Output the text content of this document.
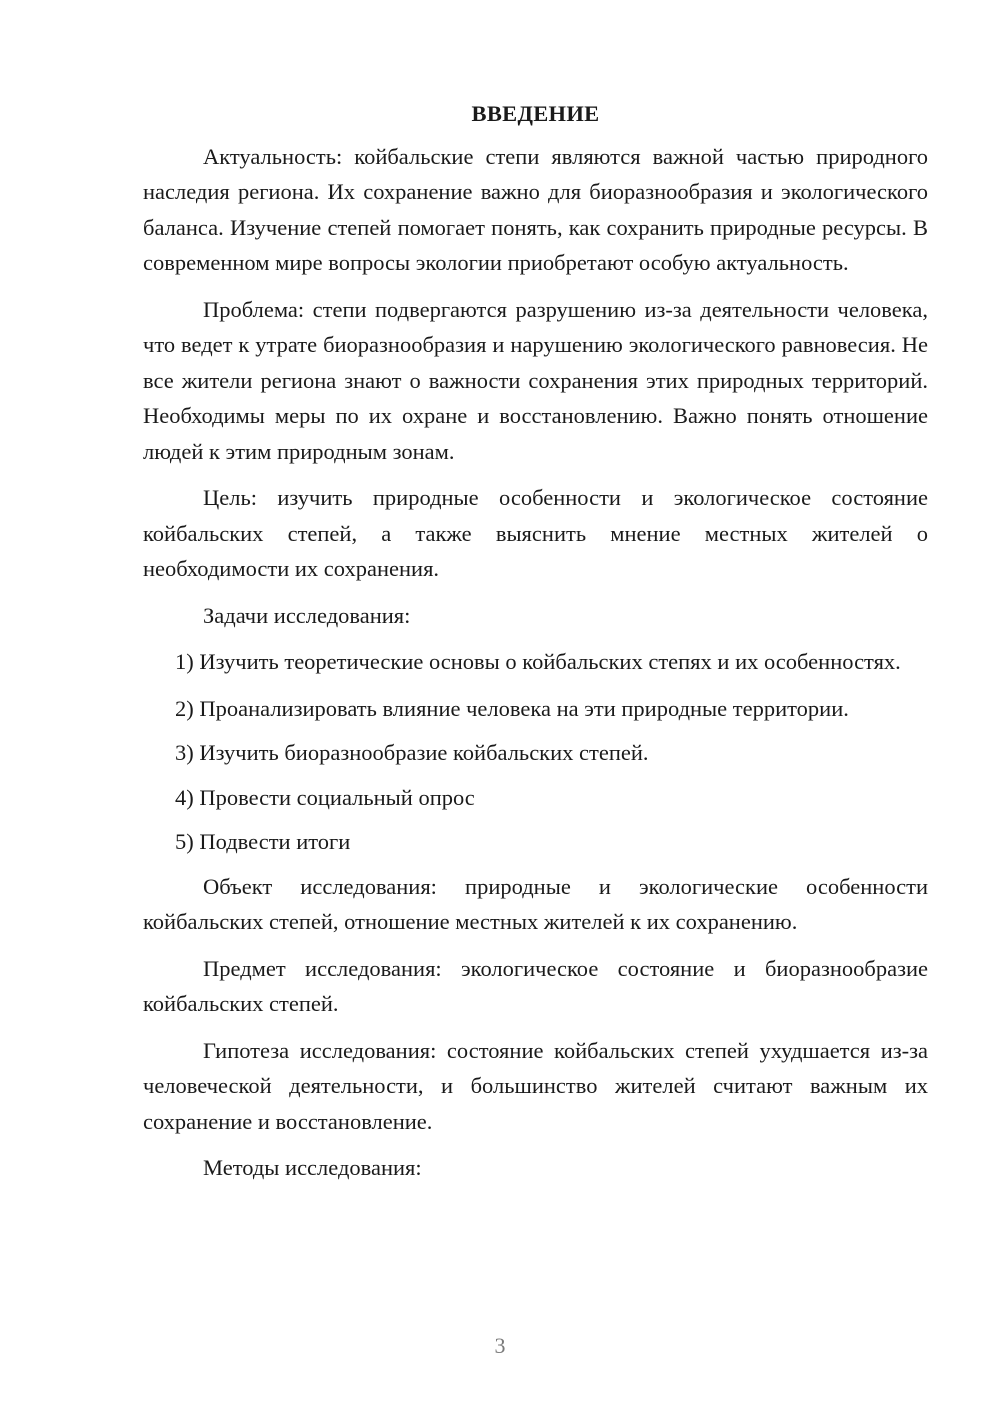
ВВЕДЕНИЕ

Актуальность: койбальские степи являются важной частью природного наследия региона. Их сохранение важно для биоразнообразия и экологического баланса. Изучение степей помогает понять, как сохранить природные ресурсы. В современном мире вопросы экологии приобретают особую актуальность.

Проблема: степи подвергаются разрушению из-за деятельности человека, что ведет к утрате биоразнообразия и нарушению экологического равновесия. Не все жители региона знают о важности сохранения этих природных территорий. Необходимы меры по их охране и восстановлению. Важно понять отношение людей к этим природным зонам.

Цель: изучить природные особенности и экологическое состояние койбальских степей, а также выяснить мнение местных жителей о необходимости их сохранения.

Задачи исследования:

1) Изучить теоретические основы о койбальских степях и их особенностях.

2) Проанализировать влияние человека на эти природные территории.

3) Изучить биоразнообразие койбальских степей.

4) Провести социальный опрос

5) Подвести итоги

Объект исследования: природные и экологические особенности койбальских степей, отношение местных жителей к их сохранению.

Предмет исследования: экологическое состояние и биоразнообразие койбальских степей.

Гипотеза исследования: состояние койбальских степей ухудшается из-за человеческой деятельности, и большинство жителей считают важным их сохранение и восстановление.

Методы исследования:

3
